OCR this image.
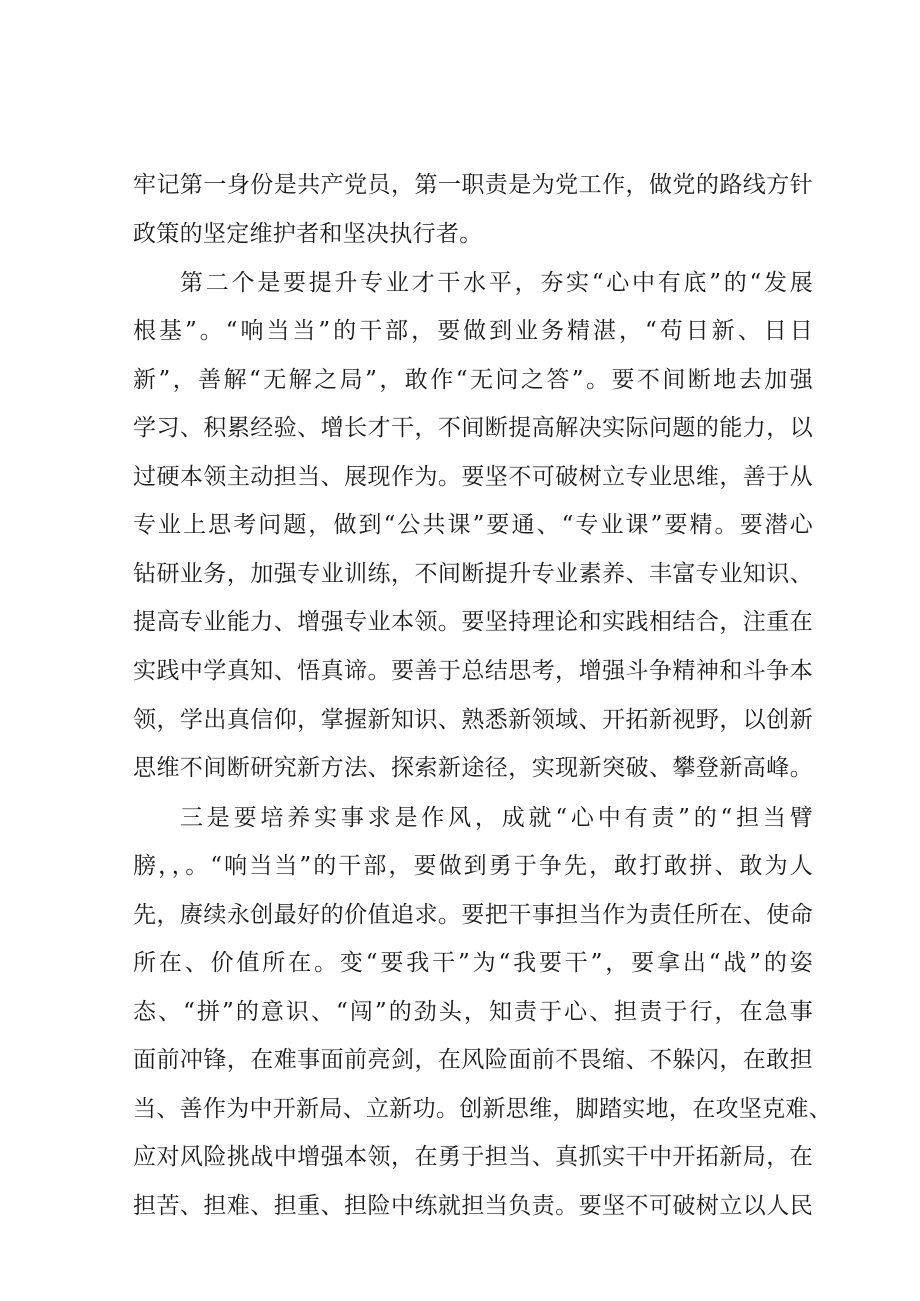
牢记第一身份是共产党员，第一职责是为党工作，做党的路线方针
政策的坚定维护者和坚决执行者。
第二个是要提升专业才干水平，夯实“心中有底”的“发展
根基”。“响当当”的干部，要做到业务精湛，“苟日新、日日
新”，善解“无解之局”，敢作“无问之答”。要不间断地去加强
学习、积累经验、增长才干，不间断提高解决实际问题的能力，以
过硬本领主动担当、展现作为。要坚不可破树立专业思维，善于从
专业上思考问题，做到“公共课”要通、“专业课”要精。要潜心
钻研业务，加强专业训练，不间断提升专业素养、丰富专业知识、
提高专业能力、增强专业本领。要坚持理论和实践相结合，注重在
实践中学真知、悟真谛。要善于总结思考，增强斗争精神和斗争本
领，学出真信仰，掌握新知识、熟悉新领域、开拓新视野，以创新
思维不间断研究新方法、探索新途径，实现新突破、攀登新高峰。
三是要培养实事求是作风，成就“心中有责”的“担当臂
膀，，。“响当当”的干部，要做到勇于争先，敢打敢拼、敢为人
先，赓续永创最好的价值追求。要把干事担当作为责任所在、使命
所在、价值所在。变“要我干”为“我要干”，要拿出“战”的姿
态、“拼”的意识、“闯”的劲头，知责于心、担责于行，在急事
面前冲锋，在难事面前亮剑，在风险面前不畏缩、不躲闪，在敢担
当、善作为中开新局、立新功。创新思维，脚踏实地，在攻坚克难、
应对风险挑战中增强本领，在勇于担当、真抓实干中开拓新局，在
担苦、担难、担重、担险中练就担当负责。要坚不可破树立以人民
